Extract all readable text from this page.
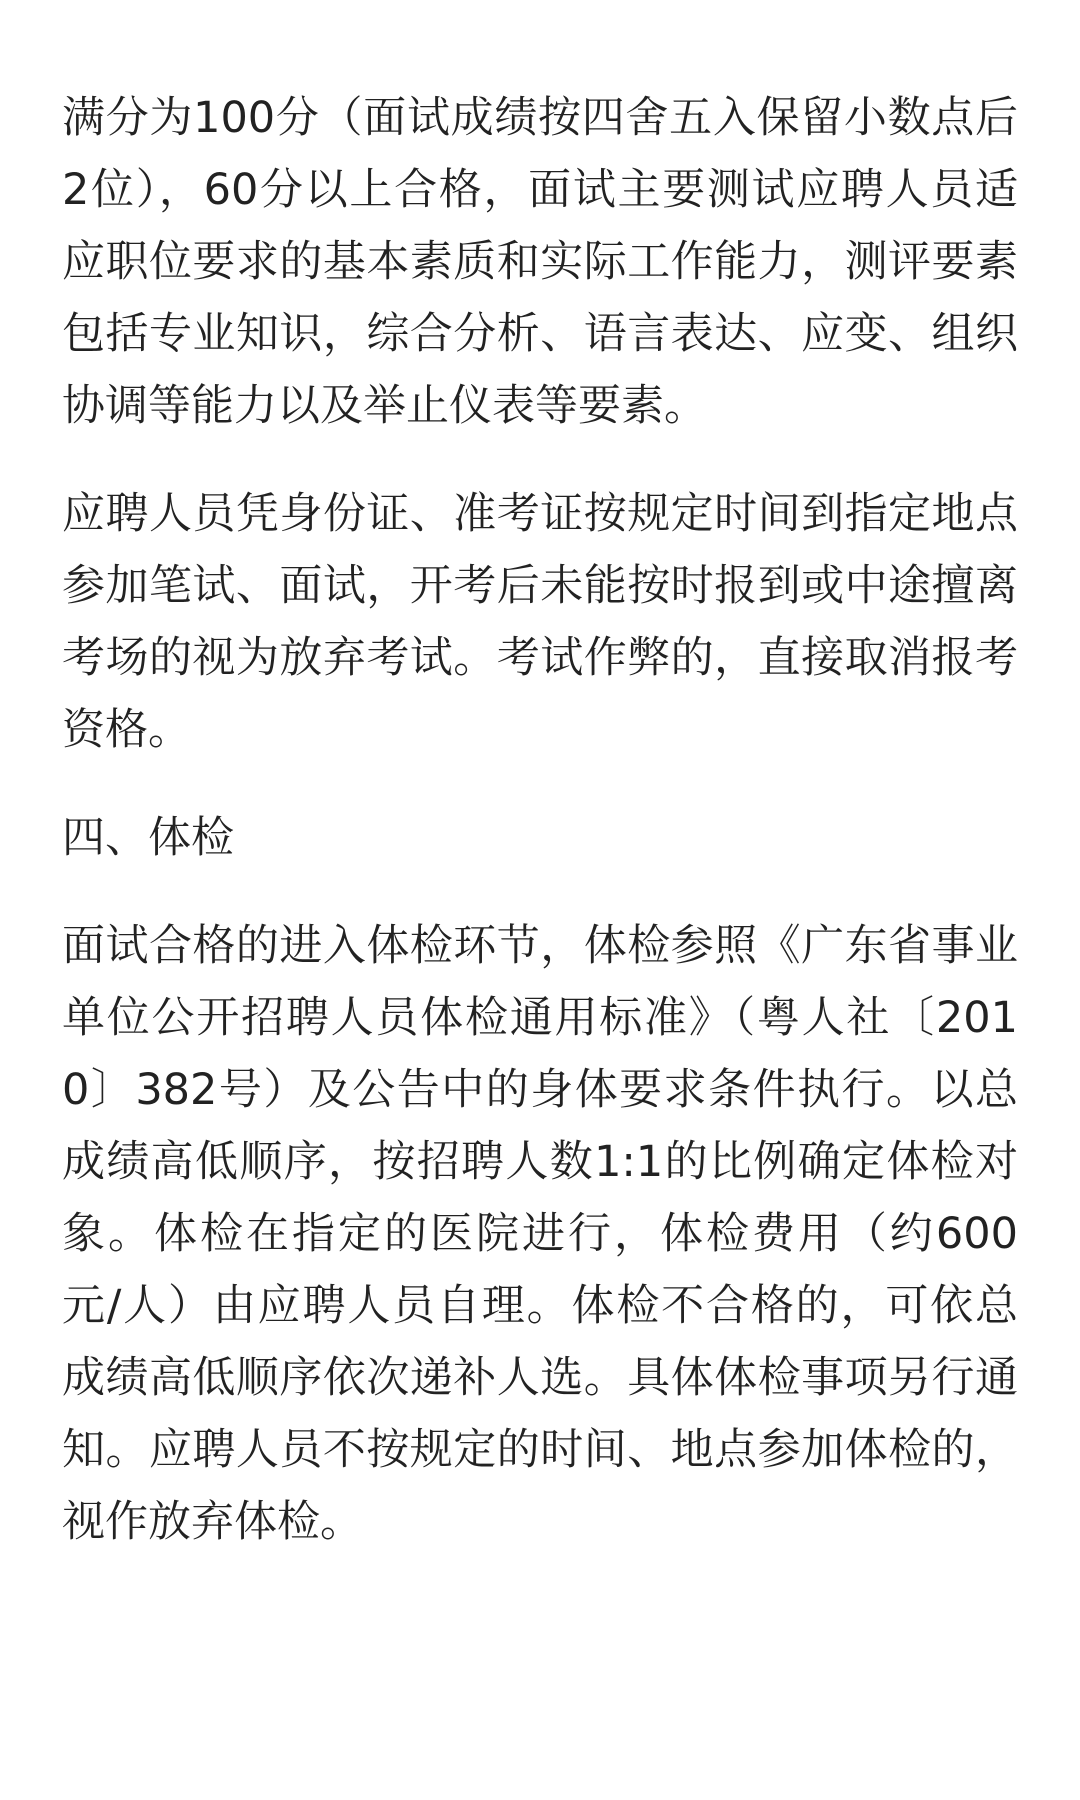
满分为100分（面试成绩按四舍五入保留小数点后2位），60分以上合格，面试主要测试应聘人员适应职位要求的基本素质和实际工作能力，测评要素包括专业知识，综合分析、语言表达、应变、组织协调等能力以及举止仪表等要素。

应聘人员凭身份证、准考证按规定时间到指定地点参加笔试、面试，开考后未能按时报到或中途擅离考场的视为放弃考试。考试作弊的，直接取消报考资格。

四、体检

面试合格的进入体检环节，体检参照《广东省事业单位公开招聘人员体检通用标准》（粤人社〔2010〕382号）及公告中的身体要求条件执行。以总成绩高低顺序，按招聘人数1:1的比例确定体检对象。体检在指定的医院进行，体检费用（约600元/人）由应聘人员自理。体检不合格的，可依总成绩高低顺序依次递补人选。具体体检事项另行通知。应聘人员不按规定的时间、地点参加体检的，视作放弃体检。
